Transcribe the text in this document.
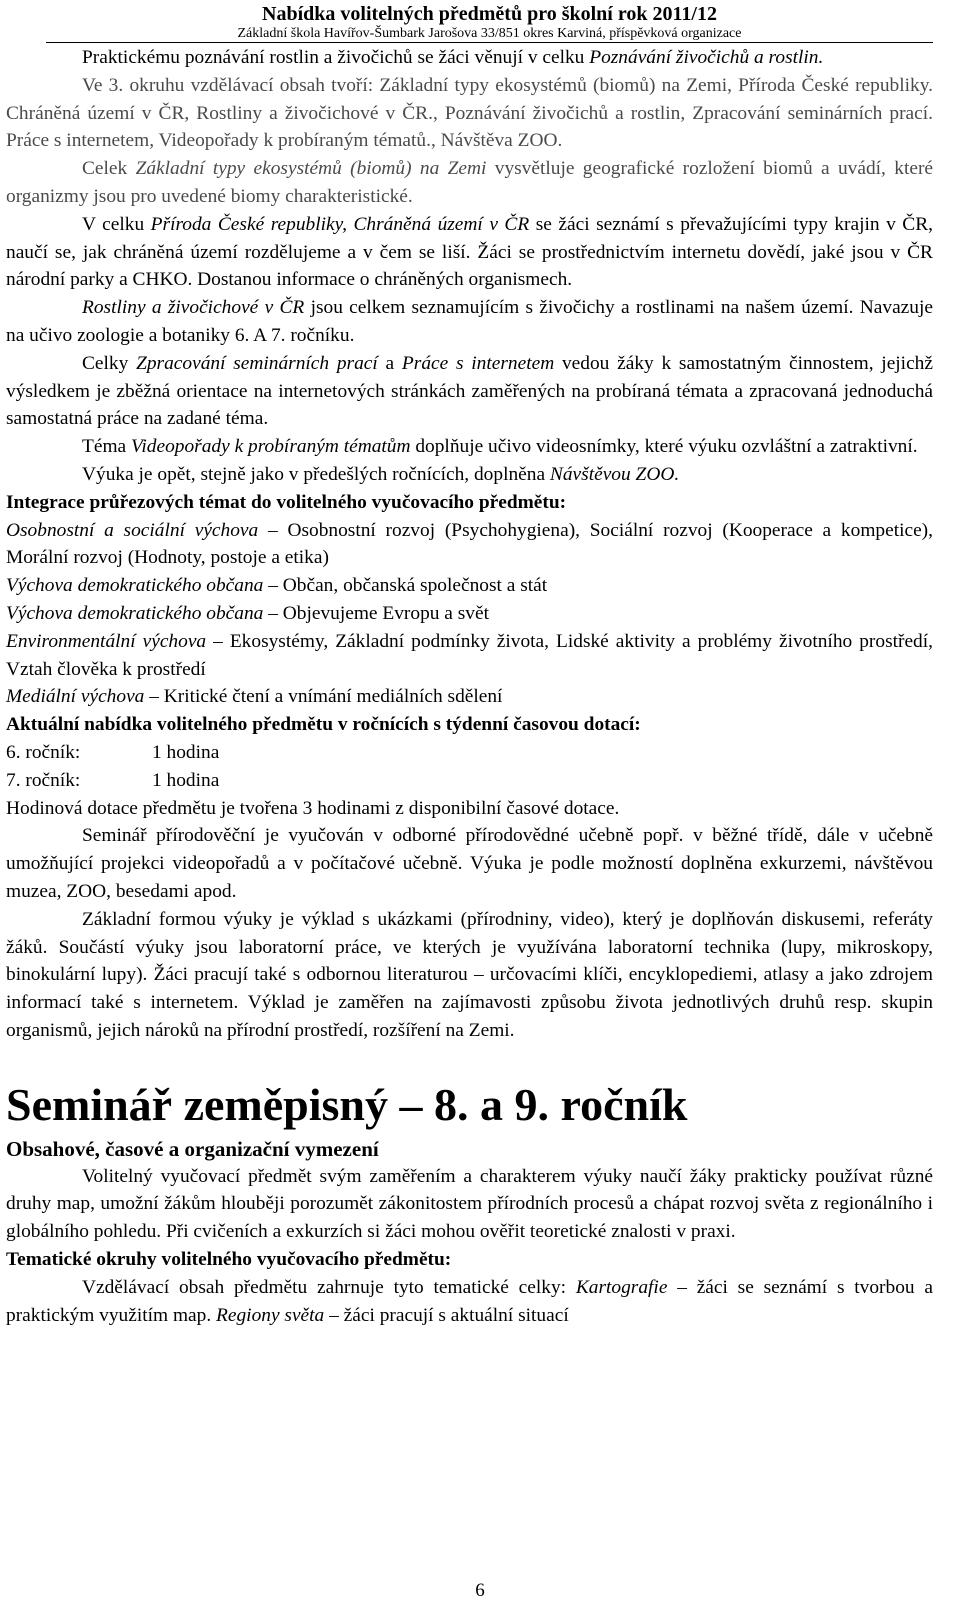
Nabídka volitelných předmětů pro školní rok 2011/12
Základní škola Havířov-Šumbark Jarošova 33/851 okres Karviná, příspěvková organizace

Praktickému poznávání rostlin a živočichů se žáci věnují v celku Poznávání živočichů a rostlin.

Ve 3. okruhu vzdělávací obsah tvoří: Základní typy ekosystémů (biomů) na Zemi, Příroda České republiky. Chráněná území v ČR, Rostliny a živočichové v ČR., Poznávání živočichů a rostlin, Zpracování seminárních prací. Práce s internetem, Videopořady k probíraným tématů., Návštěva ZOO.

Celek Základní typy ekosystémů (biomů) na Zemi vysvětluje geografické rozložení biomů a uvádí, které organizmy jsou pro uvedené biomy charakteristické.

V celku Příroda České republiky, Chráněná území v ČR se žáci seznámí s převažujícími typy krajin v ČR, naučí se, jak chráněná území rozdělujeme a v čem se liší. Žáci se prostřednictvím internetu dovědí, jaké jsou v ČR národní parky a CHKO. Dostanou informace o chráněných organismech.

Rostliny a živočichové v ČR jsou celkem seznamujícím s živočichy a rostlinami na našem území. Navazuje na učivo zoologie a botaniky 6. A 7. ročníku.

Celky Zpracování seminárních prací a Práce s internetem vedou žáky k samostatným činnostem, jejichž výsledkem je zběžná orientace na internetových stránkách zaměřených na probíraná témata a zpracovaná jednoduchá samostatná práce na zadané téma.

Téma Videopořady k probíraným tématům doplňuje učivo videosnímky, které výuku ozvláštní a zatraktivní.

Výuka je opět, stejně jako v předešlých ročnících, doplněna Návštěvou ZOO.

Integrace průřezových témat do volitelného vyučovacího předmětu:

Osobnostní a sociální výchova – Osobnostní rozvoj (Psychohygiena), Sociální rozvoj (Kooperace a kompetice), Morální rozvoj (Hodnoty, postoje a etika)

Výchova demokratického občana – Občan, občanská společnost a stát

Výchova demokratického občana – Objevujeme Evropu a svět

Environmentální výchova – Ekosystémy, Základní podmínky života, Lidské aktivity a problémy životního prostředí, Vztah člověka k prostředí

Mediální výchova – Kritické čtení a vnímání mediálních sdělení

Aktuální nabídka volitelného předmětu v ročnících s týdenní časovou dotací:

6. ročník:	1 hodina
7. ročník:	1 hodina

Hodinová dotace předmětu je tvořena 3 hodinami z disponibilní časové dotace.

Seminář přírodověční je vyučován v odborné přírodovědné učebně popř. v běžné třídě, dále v učebně umožňující projekci videopořadů a v počítačové učebně. Výuka je podle možností doplněna exkurzemi, návštěvou muzea, ZOO, besedami apod.

Základní formou výuky je výklad s ukázkami (přírodniny, video), který je doplňován diskusemi, referáty žáků. Součástí výuky jsou laboratorní práce, ve kterých je využívána laboratorní technika (lupy, mikroskopy, binokulární lupy). Žáci pracují také s odbornou literaturou – určovacími klíči, encyklopediemi, atlasy a jako zdrojem informací také s internetem. Výklad je zaměřen na zajímavosti způsobu života jednotlivých druhů resp. skupin organismů, jejich nároků na přírodní prostředí, rozšíření na Zemi.

Seminář zeměpisný – 8. a 9. ročník
Obsahové, časové a organizační vymezení

Volitelný vyučovací předmět svým zaměřením a charakterem výuky naučí žáky prakticky používat různé druhy map, umožní žákům hlouběji porozumět zákonitostem přírodních procesů a chápat rozvoj světa z regionálního i globálního pohledu. Při cvičeních a exkurzích si žáci mohou ověřit teoretické znalosti v praxi.

Tematické okruhy volitelného vyučovacího předmětu:

Vzdělávací obsah předmětu zahrnuje tyto tematické celky: Kartografie – žáci se seznámí s tvorbou a praktickým využitím map. Regiony světa – žáci pracují s aktuální situací

6
